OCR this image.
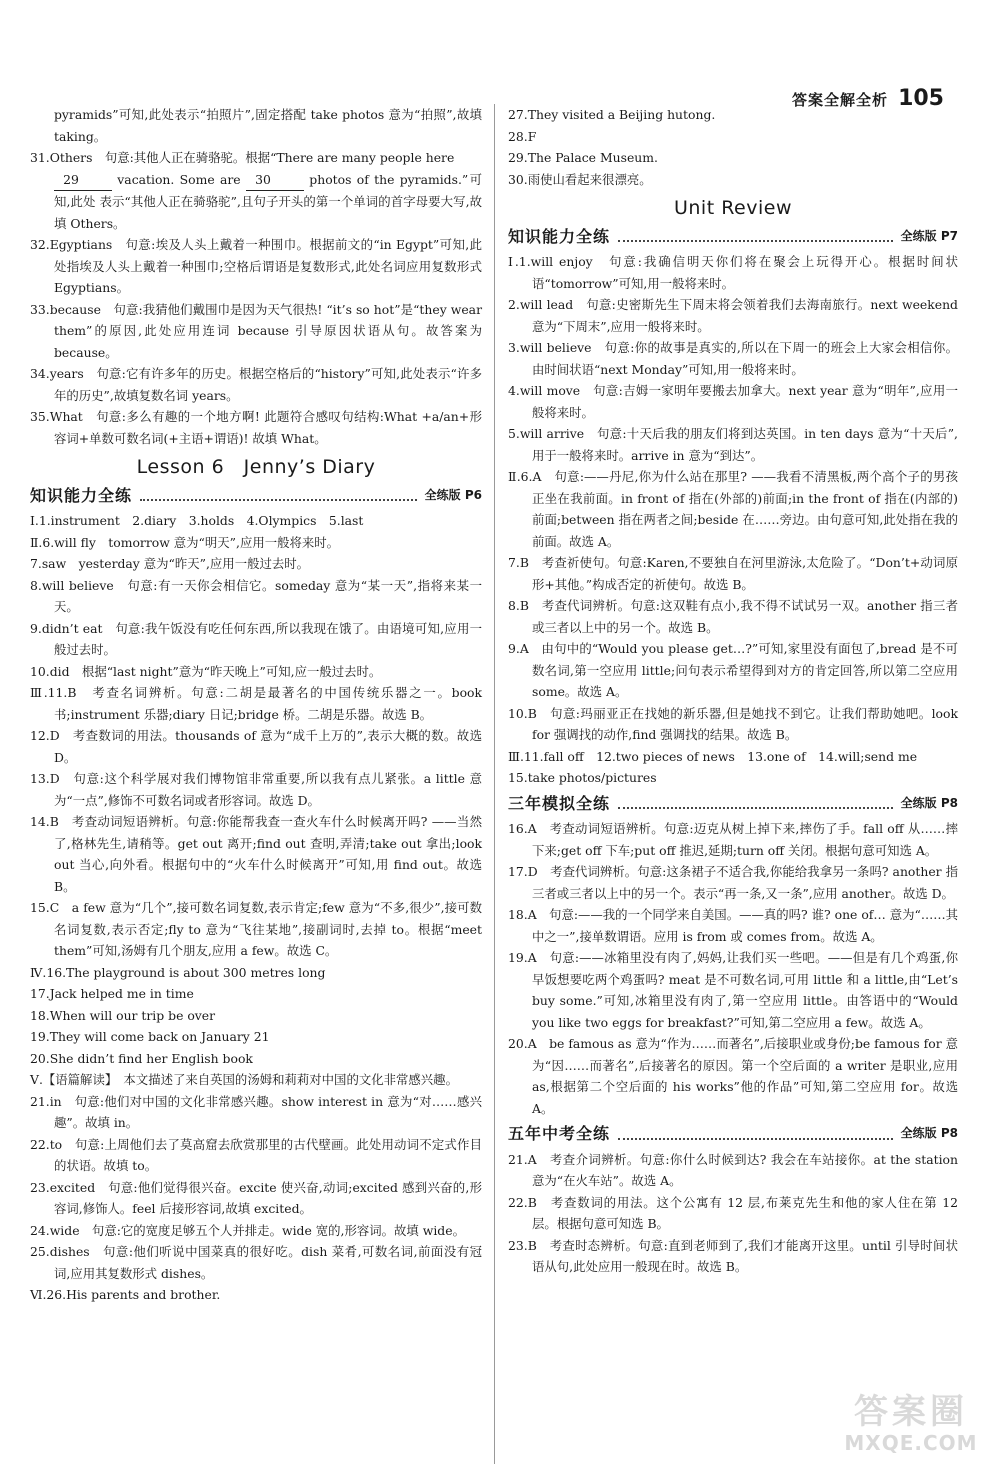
答案全解全析 105

pyramids”可知,此处表示“拍照片”,固定搭配 take photos 意为“拍照”,故填 taking。

31.Others　句意:其他人正在骑骆驼。根据“There are many people here
29	vacation. Some are 30	photos of the pyramids.”可知,此处 表示“其他人正在骑骆驼”,且句子开头的第一个单词的首字母要大写,故填 Others。

32.Egyptians　句意:埃及人头上戴着一种围巾。根据前文的“in Egypt”可知,此处指埃及人头上戴着一种围巾;空格后谓语是复数形式,此处名词应用复数形式 Egyptians。

33.because　句意:我猜他们戴围巾是因为天气很热! “it’s so hot”是“they wear them”的原因,此处应用连词 because 引导原因状语从句。故答案为 because。

34.years　句意:它有许多年的历史。根据空格后的“history”可知,此处表示“许多年的历史”,故填复数名词 years。

35.What　句意:多么有趣的一个地方啊! 此题符合感叹句结构:What +a/an+形容词+单数可数名词(+主语+谓语)! 故填 What。

Lesson 6　Jenny’s Diary
知识能力全练	全练版 P6

Ⅰ.1.instrument　2.diary　3.holds　4.Olympics　5.last

Ⅱ.6.will fly　tomorrow 意为“明天”,应用一般将来时。

7.saw　yesterday 意为“昨天”,应用一般过去时。

8.will believe　句意:有一天你会相信它。someday 意为“某一天”,指将来某一天。

9.didn’t eat　句意:我午饭没有吃任何东西,所以我现在饿了。由语境可知,应用一般过去时。

10.did　根据“last night”意为“昨天晚上”可知,应一般过去时。

Ⅲ.11.B　考查名词辨析。句意:二胡是最著名的中国传统乐器之一。book 书;instrument 乐器;diary 日记;bridge 桥。二胡是乐器。故选 B。

12.D　考查数词的用法。thousands of 意为“成千上万的”,表示大概的数。故选 D。

13.D　句意:这个科学展对我们博物馆非常重要,所以我有点儿紧张。a little 意为“一点”,修饰不可数名词或者形容词。故选 D。

14.B　考查动词短语辨析。句意:你能帮我查一查火车什么时候离开吗? ——当然了,格林先生,请稍等。get out 离开;find out 查明,弄清;take out 拿出;look out 当心,向外看。根据句中的“火车什么时候离开”可知,用 find out。故选 B。

15.C　a few 意为“几个”,接可数名词复数,表示肯定;few 意为“不多,很少”,接可数名词复数,表示否定;fly to 意为“飞往某地”,接副词时,去掉 to。根据“meet them”可知,汤姆有几个朋友,应用 a few。故选 C。

Ⅳ.16.The playground is about 300 metres long

17.Jack helped me in time

18.When will our trip be over

19.They will come back on January 21

20.She didn’t find her English book

Ⅴ.【语篇解读】　本文描述了来自英国的汤姆和莉莉对中国的文化非常感兴趣。

21.in　句意:他们对中国的文化非常感兴趣。show interest in 意为“对……感兴趣”。故填 in。

22.to　句意:上周他们去了莫高窟去欣赏那里的古代壁画。此处用动词不定式作目的状语。故填 to。

23.excited　句意:他们觉得很兴奋。excite 使兴奋,动词;excited 感到兴奋的,形容词,修饰人。feel 后接形容词,故填 excited。

24.wide　句意:它的宽度足够五个人并排走。wide 宽的,形容词。故填 wide。

25.dishes　句意:他们听说中国菜真的很好吃。dish 菜肴,可数名词,前面没有冠词,应用其复数形式 dishes。

Ⅵ.26.His parents and brother.

27.They visited a Beijing hutong.

28.F

29.The Palace Museum.

30.雨使山看起来很漂亮。

Unit Review
知识能力全练	全练版 P7

Ⅰ.1.will enjoy　句意:我确信明天你们将在聚会上玩得开心。根据时间状语“tomorrow”可知,用一般将来时。

2.will lead　句意:史密斯先生下周末将会领着我们去海南旅行。next weekend 意为“下周末”,应用一般将来时。

3.will believe　句意:你的故事是真实的,所以在下周一的班会上大家会相信你。由时间状语“next Monday”可知,用一般将来时。

4.will move　句意:吉姆一家明年要搬去加拿大。next year 意为“明年”,应用一般将来时。

5.will arrive　句意:十天后我的朋友们将到达英国。in ten days 意为“十天后”,用于一般将来时。arrive in 意为“到达”。

Ⅱ.6.A　句意:——丹尼,你为什么站在那里? ——我看不清黑板,两个高个子的男孩正坐在我前面。in front of 指在(外部的)前面;in the front of 指在(内部的)前面;between 指在两者之间;beside 在……旁边。由句意可知,此处指在我的前面。故选 A。

7.B　考查祈使句。句意:Karen,不要独自在河里游泳,太危险了。“Don’t+动词原形+其他。”构成否定的祈使句。故选 B。

8.B　考查代词辨析。句意:这双鞋有点小,我不得不试试另一双。another 指三者或三者以上中的另一个。故选 B。

9.A　由句中的“Would you please get…?”可知,家里没有面包了,bread 是不可数名词,第一空应用 little;问句表示希望得到对方的肯定回答,所以第二空应用 some。故选 A。

10.B　句意:玛丽亚正在找她的新乐器,但是她找不到它。让我们帮助她吧。look for 强调找的动作,find 强调找的结果。故选 B。

Ⅲ.11.fall off　12.two pieces of news　13.one of　14.will;send me

15.take photos/pictures

三年模拟全练	全练版 P8

16.A　考查动词短语辨析。句意:迈克从树上掉下来,摔伤了手。fall off 从……摔下来;get off 下车;put off 推迟,延期;turn off 关闭。根据句意可知选 A。

17.D　考查代词辨析。句意:这条裙子不适合我,你能给我拿另一条吗? another 指三者或三者以上中的另一个。表示“再一条,又一条”,应用 another。故选 D。

18.A　句意:——我的一个同学来自美国。——真的吗? 谁? one of… 意为“……其中之一”,接单数谓语。应用 is from 或 comes from。故选 A。

19.A　句意:——冰箱里没有肉了,妈妈,让我们买一些吧。——但是有几个鸡蛋,你早饭想要吃两个鸡蛋吗? meat 是不可数名词,可用 little 和 a little,由“Let’s buy some.”可知,冰箱里没有肉了,第一空应用 little。由答语中的“Would you like two eggs for breakfast?”可知,第二空应用 a few。故选 A。

20.A　be famous as 意为“作为……而著名”,后接职业或身份;be famous for 意为“因……而著名”,后接著名的原因。第一个空后面的 a writer 是职业,应用 as,根据第二个空后面的 his works”他的作品”可知,第二空应用 for。故选 A。

五年中考全练	全练版 P8

21.A　考查介词辨析。句意:你什么时候到达? 我会在车站接你。at the station 意为“在火车站”。故选 A。

22.B　考查数词的用法。这个公寓有 12 层,布莱克先生和他的家人住在第 12 层。根据句意可知选 B。

23.B　考查时态辨析。句意:直到老师到了,我们才能离开这里。until 引导时间状语从句,此处应用一般现在时。故选 B。

答案圈
MXQE.COM
